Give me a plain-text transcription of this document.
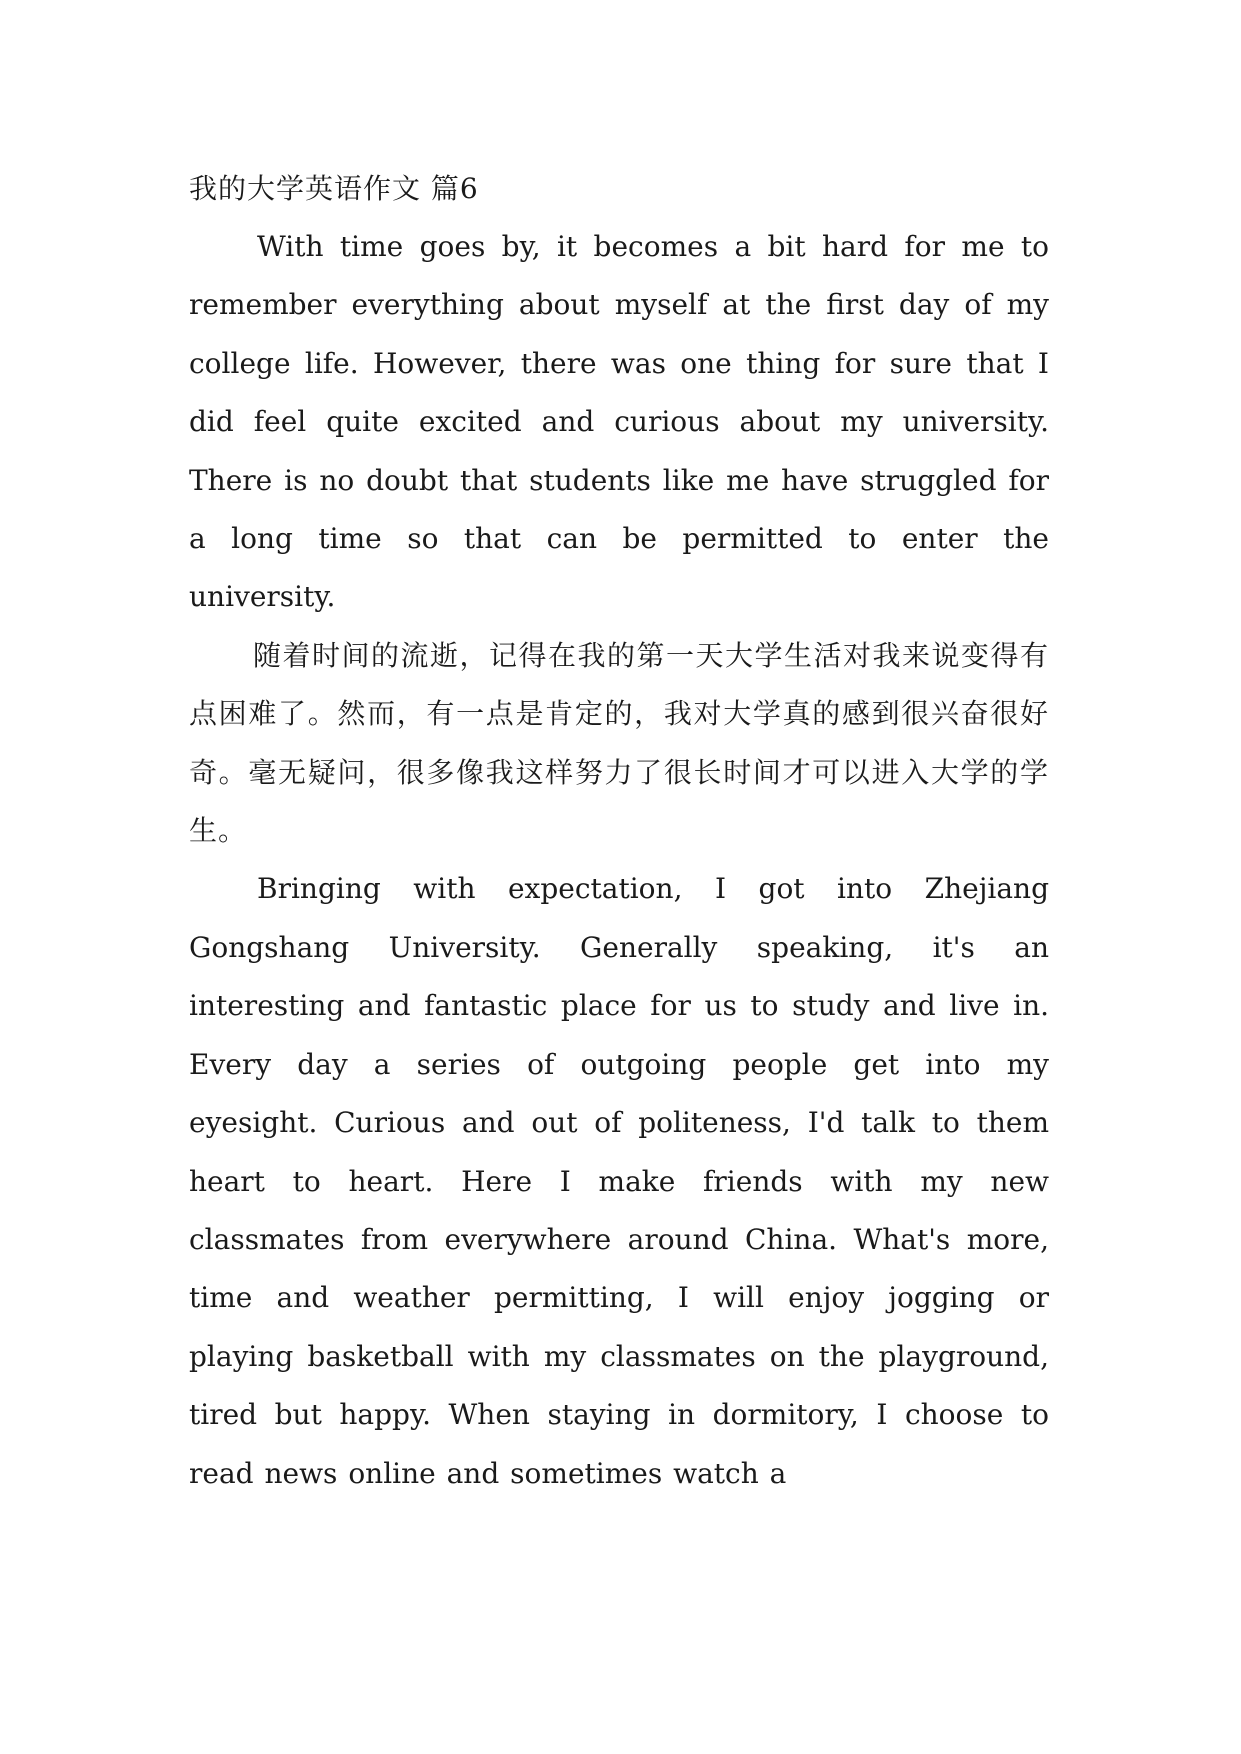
我的大学英语作文 篇6

With time goes by, it becomes a bit hard for me to remember everything about myself at the first day of my college life. However, there was one thing for sure that I did feel quite excited and curious about my university. There is no doubt that students like me have struggled for a long time so that can be permitted to enter the university.

随着时间的流逝，记得在我的第一天大学生活对我来说变得有点困难了。然而，有一点是肯定的，我对大学真的感到很兴奋很好奇。毫无疑问，很多像我这样努力了很长时间才可以进入大学的学生。

Bringing with expectation, I got into Zhejiang Gongshang University. Generally speaking, it's an interesting and fantastic place for us to study and live in. Every day a series of outgoing people get into my eyesight. Curious and out of politeness, I'd talk to them heart to heart. Here I make friends with my new classmates from everywhere around China. What's more, time and weather permitting, I will enjoy jogging or playing basketball with my classmates on the playground, tired but happy. When staying in dormitory, I choose to read news online and sometimes watch a
